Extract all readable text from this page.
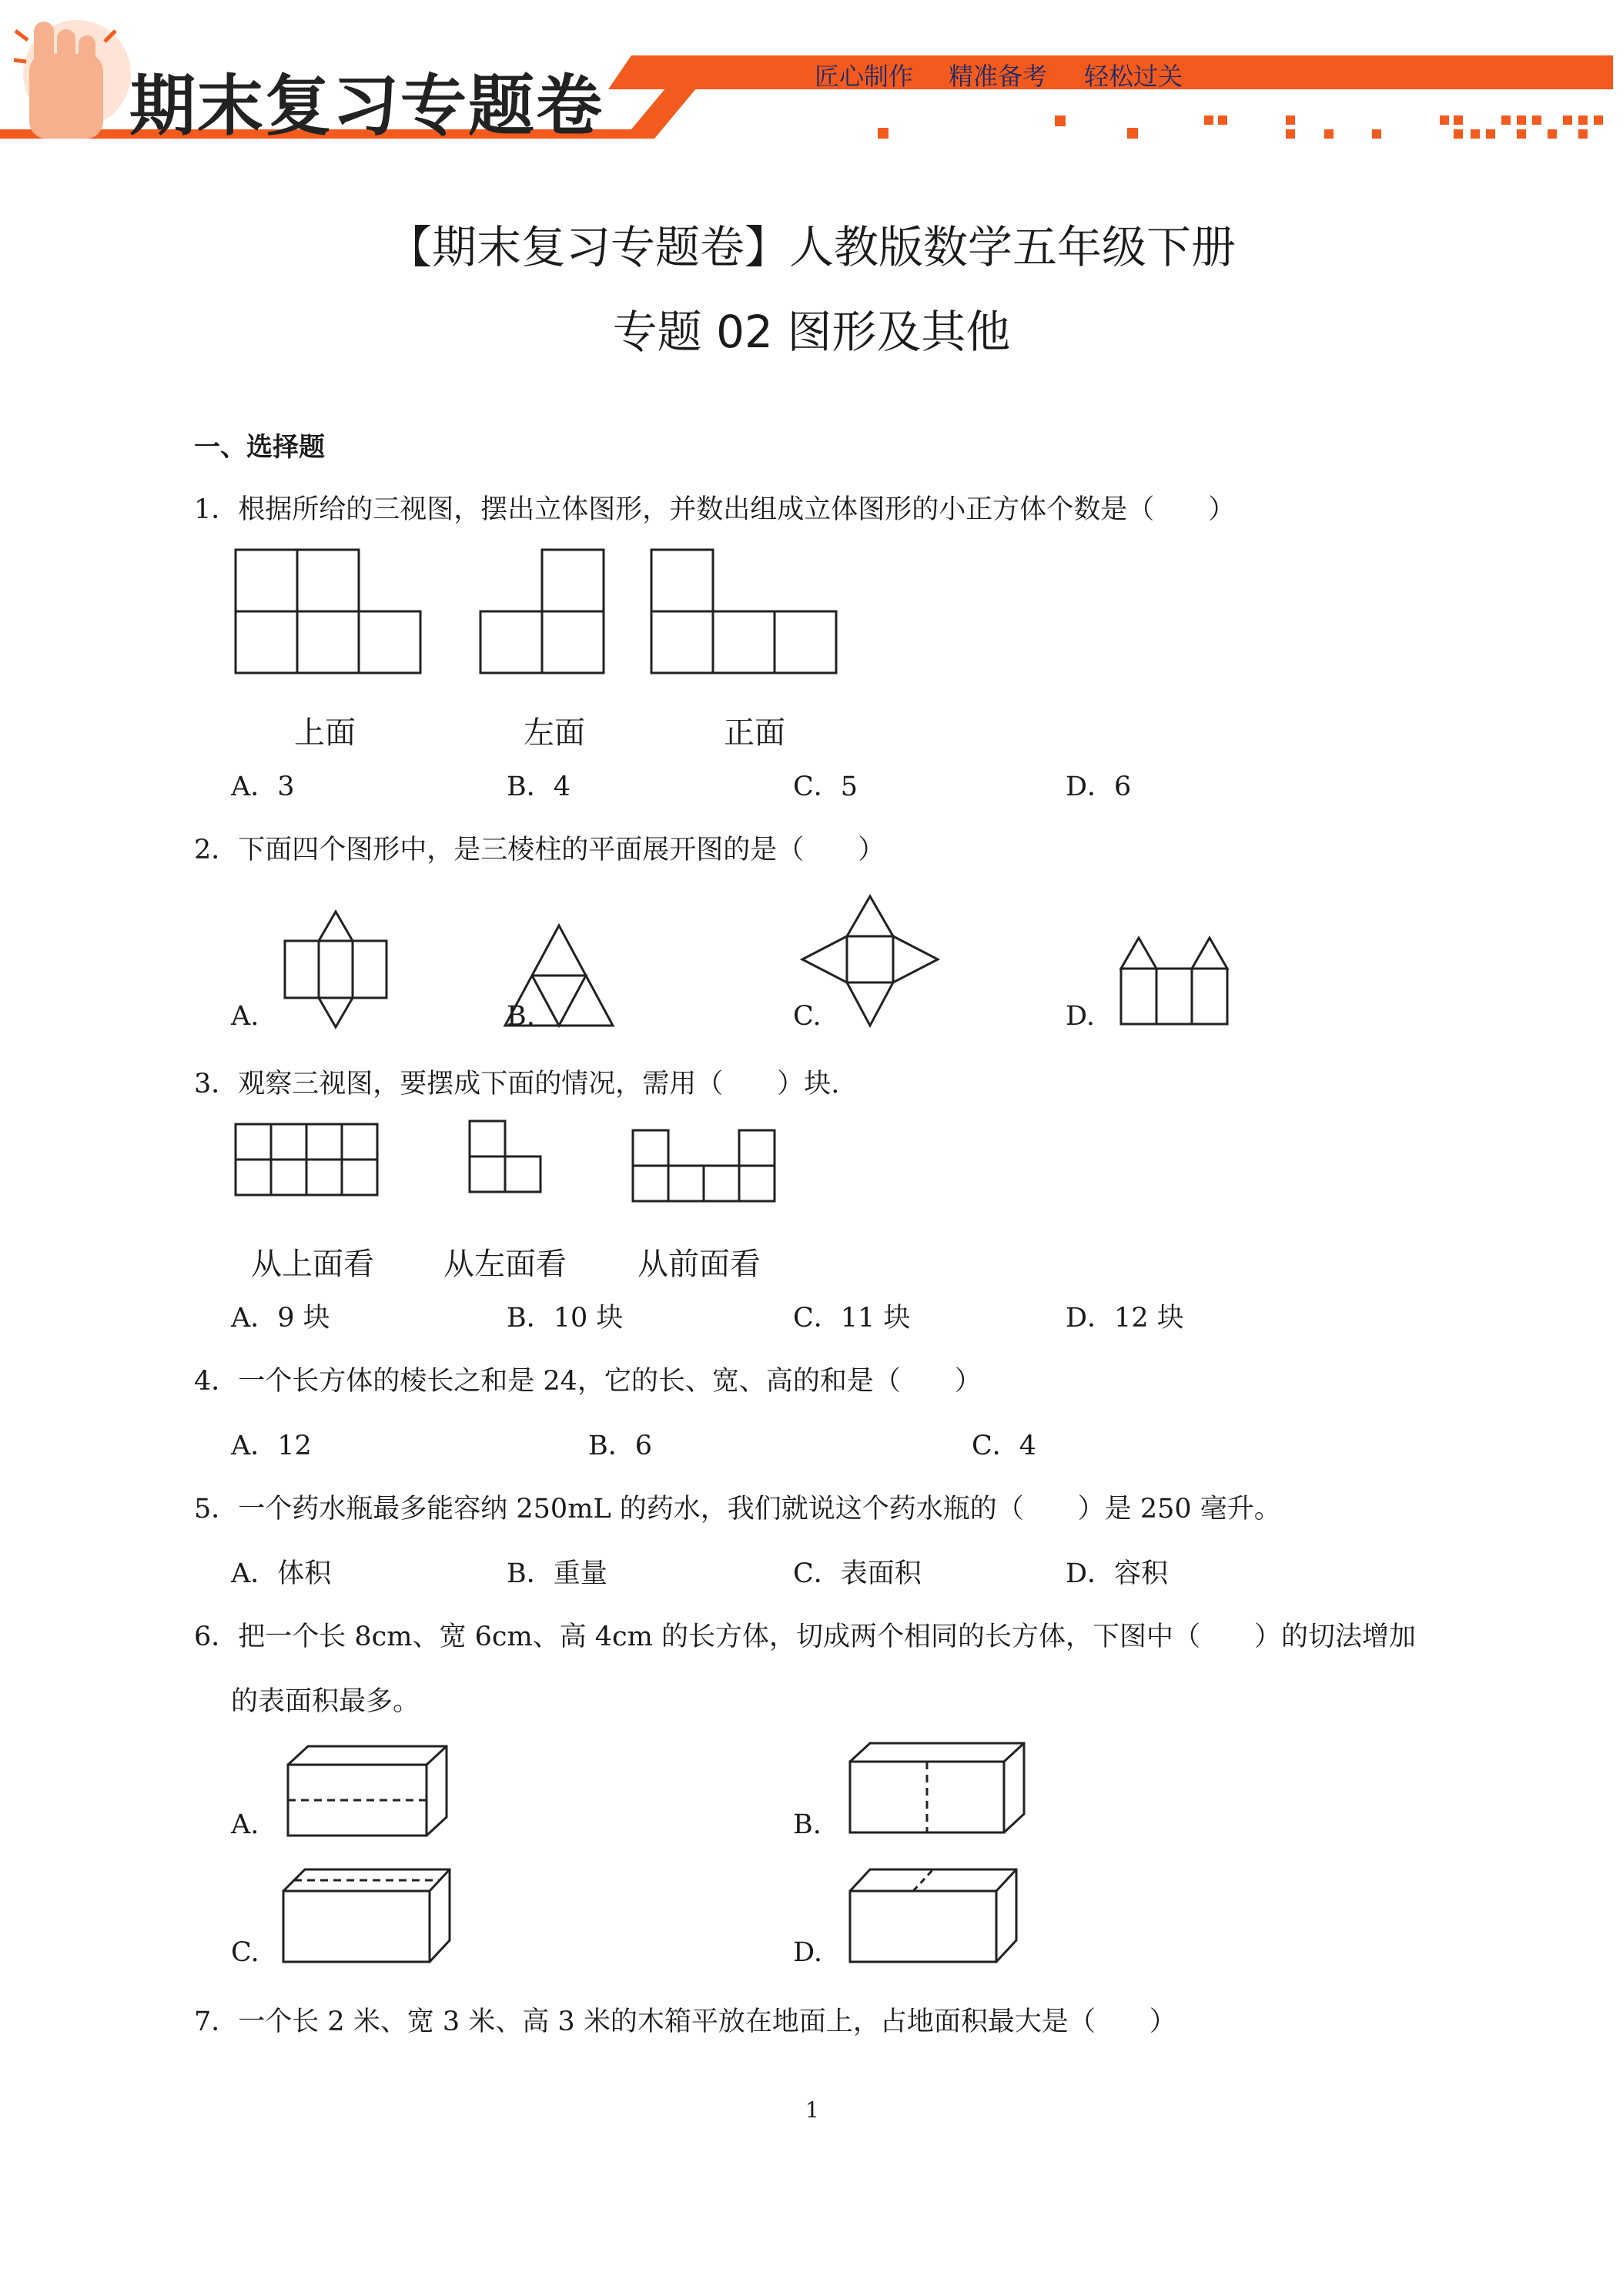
期末复习专题卷	匠心制作 精准备考 轻松过关
【期末复习专题卷】人教版数学五年级下册
专题 02 图形及其他
一、选择题
1．根据所给的三视图，摆出立体图形，并数出组成立体图形的小正方体个数是（　　）
上面	左面	正面
A．3	B．4	C．5	D．6
2．下面四个图形中，是三棱柱的平面展开图的是（　　）
A.	B.	C.	D.
3．观察三视图，要摆成下面的情况，需用（　　）块.
从上面看 从左面看 从前面看
A．9 块	B．10 块	C．11 块	D．12 块
4．一个长方体的棱长之和是 24，它的长、宽、高的和是（　　）
A．12	B．6	C．4
5．一个药水瓶最多能容纳 250mL 的药水，我们就说这个药水瓶的（　　）是 250 毫升。
A．体积	B．重量	C．表面积	D．容积
6．把一个长 8cm、宽 6cm、高 4cm 的长方体，切成两个相同的长方体，下图中（　　）的切法增加
的表面积最多。
A.	B.
C.	D.
7．一个长 2 米、宽 3 米、高 3 米的木箱平放在地面上，占地面积最大是（　　）
1
